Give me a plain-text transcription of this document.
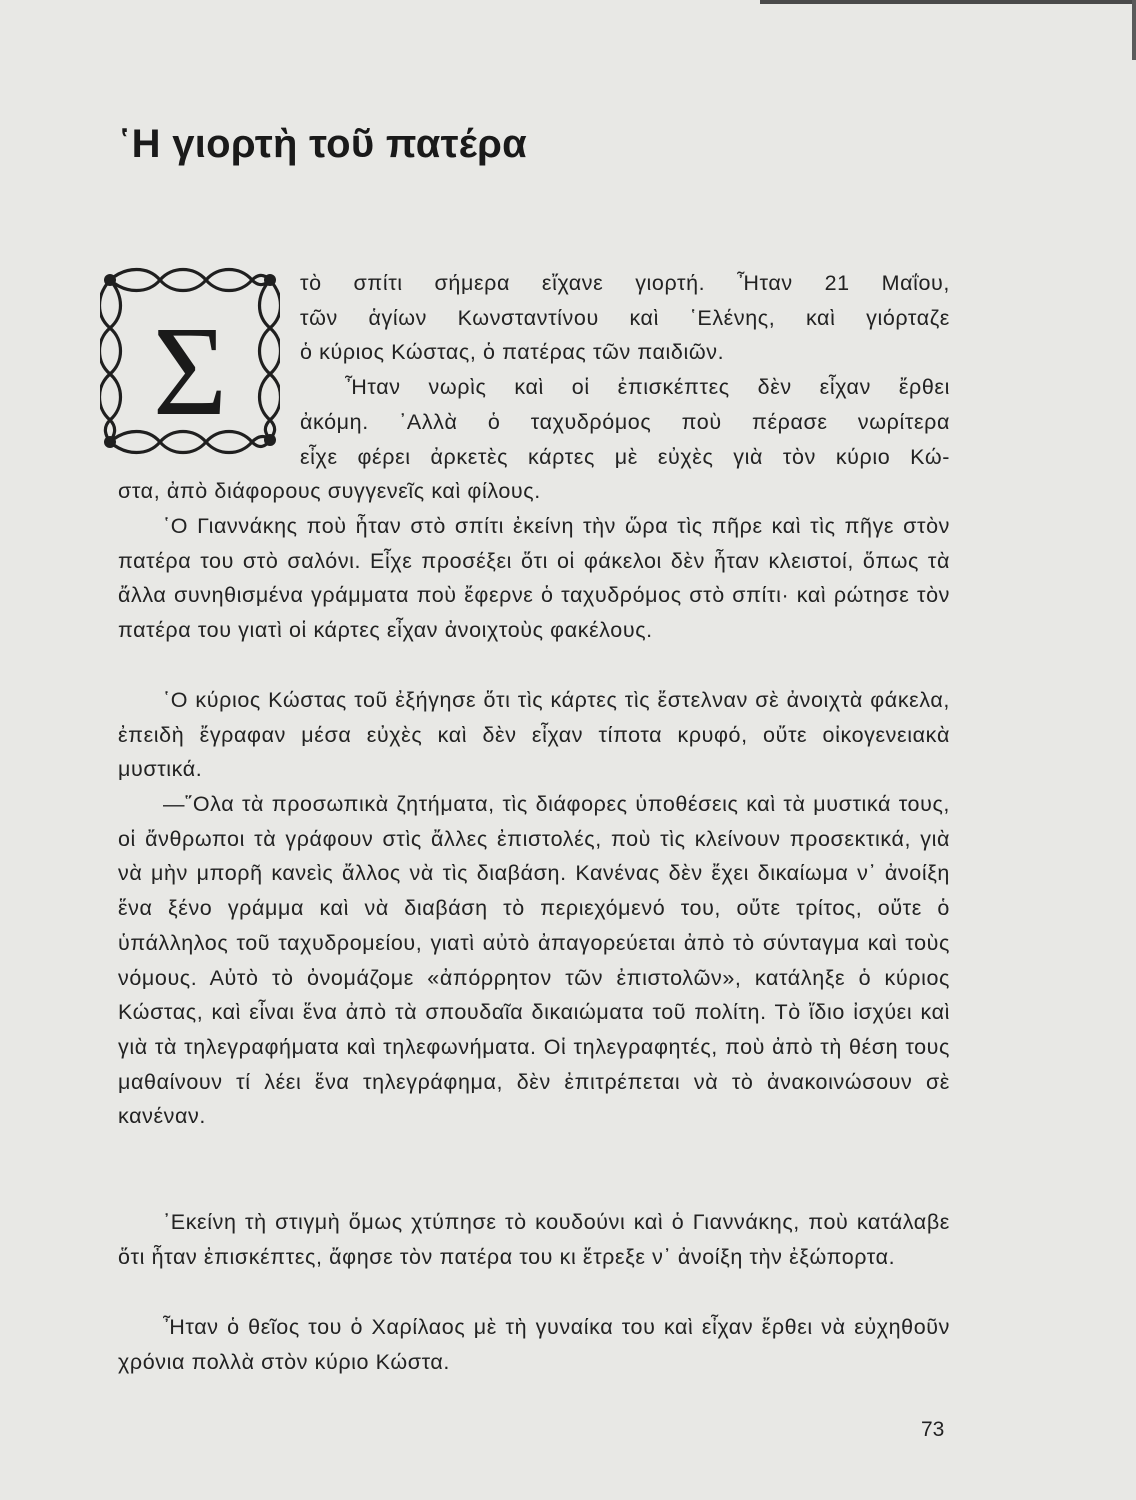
῾Η γιορτὴ τοῦ πατέρα
Σ
τὸ σπίτι σήμερα εἴχανε γιορτή. Ἦταν 21 Μαΐου,
τῶν ἁγίων Κωνσταντίνου καὶ ῾Ελένης, καὶ γιόρταζε
ὁ κύριος Κώστας, ὁ πατέρας τῶν παιδιῶν.
Ἦταν νωρὶς καὶ οἱ ἐπισκέπτες δὲν εἶχαν ἔρθει
ἀκόμη. ᾿Αλλὰ ὁ ταχυδρόμος ποὺ πέρασε νωρίτερα
εἶχε φέρει ἀρκετὲς κάρτες μὲ εὐχὲς γιὰ τὸν κύριο Κώ-

στα, ἀπὸ διάφορους συγγενεῖς καὶ φίλους.

῾Ο Γιαννάκης ποὺ ἦταν στὸ σπίτι ἐκείνη τὴν ὥρα τὶς πῆρε καὶ τὶς πῆγε στὸν πατέρα του στὸ σαλόνι. Εἶχε προσέξει ὅτι οἱ φάκελοι δὲν ἦταν κλειστοί, ὅπως τὰ ἄλλα συνηθισμένα γράμματα ποὺ ἔφερνε ὁ ταχυδρόμος στὸ σπίτι· καὶ ρώτησε τὸν πατέρα του γιατὶ οἱ κάρτες εἶχαν ἀνοιχτοὺς φακέλους.

῾Ο κύριος Κώστας τοῦ ἐξήγησε ὅτι τὶς κάρτες τὶς ἔστελναν σὲ ἀνοιχτὰ φάκελα, ἐπειδὴ ἔγραφαν μέσα εὐχὲς καὶ δὲν εἶχαν τίποτα κρυφό, οὔτε οἰκογενειακὰ μυστικά.

—῞Ολα τὰ προσωπικὰ ζητήματα, τὶς διάφορες ὑποθέσεις καὶ τὰ μυστικά τους, οἱ ἄνθρωποι τὰ γράφουν στὶς ἄλλες ἐπιστολές, ποὺ τὶς κλείνουν προσεκτικά, γιὰ νὰ μὴν μπορῆ κανεὶς ἄλλος νὰ τὶς διαβάση. Κανένας δὲν ἔχει δικαίωμα ν᾿ ἀνοίξη ἕνα ξένο γράμμα καὶ νὰ διαβάση τὸ περιεχόμενό του, οὔτε τρίτος, οὔτε ὁ ὑπάλληλος τοῦ ταχυδρομείου, γιατὶ αὐτὸ ἀπαγορεύεται ἀπὸ τὸ σύνταγμα καὶ τοὺς νόμους. Αὐτὸ τὸ ὀνομάζομε «ἀπόρρητον τῶν ἐπιστολῶν», κατάληξε ὁ κύριος Κώστας, καὶ εἶναι ἕνα ἀπὸ τὰ σπουδαῖα δικαιώματα τοῦ πολίτη. Τὸ ἴδιο ἰσχύει καὶ γιὰ τὰ τηλεγραφήματα καὶ τηλεφωνήματα. Οἱ τηλεγραφητές, ποὺ ἀπὸ τὴ θέση τους μαθαίνουν τί λέει ἕνα τηλεγράφημα, δὲν ἐπιτρέπεται νὰ τὸ ἀνακοινώσουν σὲ κανέναν.

᾿Εκείνη τὴ στιγμὴ ὅμως χτύπησε τὸ κουδούνι καὶ ὁ Γιαννάκης, ποὺ κατάλαβε ὅτι ἦταν ἐπισκέπτες, ἄφησε τὸν πατέρα του κι ἔτρεξε ν᾿ ἀνοίξη τὴν ἐξώπορτα.

Ἦταν ὁ θεῖος του ὁ Χαρίλαος μὲ τὴ γυναίκα του καὶ εἶχαν ἔρθει νὰ εὐχηθοῦν χρόνια πολλὰ στὸν κύριο Κώστα.

73
